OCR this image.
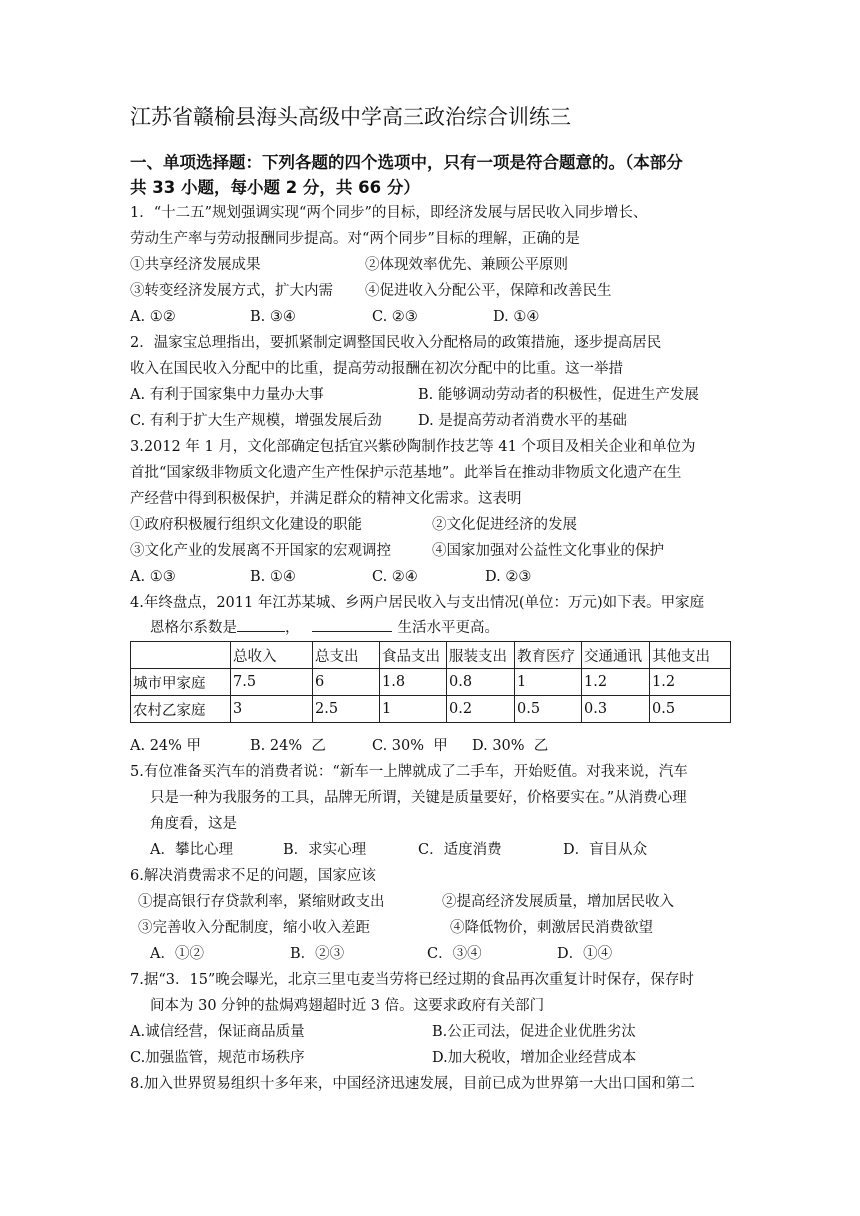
江苏省赣榆县海头高级中学高三政治综合训练三
一、单项选择题：下列各题的四个选项中，只有一项是符合题意的。（本部分
共 33 小题，每小题 2 分，共 66 分）
1．“十二五”规划强调实现“两个同步”的目标，即经济发展与居民收入同步增长、
劳动生产率与劳动报酬同步提高。对“两个同步”目标的理解，正确的是
①共享经济发展成果	②体现效率优先、兼顾公平原则
③转变经济发展方式，扩大内需 ④促进收入分配公平，保障和改善民生
A. ①②	B. ③④	C. ②③	D. ①④
2．温家宝总理指出，要抓紧制定调整国民收入分配格局的政策措施，逐步提高居民
收入在国民收入分配中的比重，提高劳动报酬在初次分配中的比重。这一举措
A. 有利于国家集中力量办大事	B. 能够调动劳动者的积极性，促进生产发展
C. 有利于扩大生产规模，增强发展后劲 D. 是提高劳动者消费水平的基础
3.2012 年 1 月，文化部确定包括宜兴紫砂陶制作技艺等 41 个项目及相关企业和单位为
首批“国家级非物质文化遗产生产性保护示范基地”。此举旨在推动非物质文化遗产在生
产经营中得到积极保护，并满足群众的精神文化需求。这表明
①政府积极履行组织文化建设的职能	②文化促进经济的发展
③文化产业的发展离不开国家的宏观调控	④国家加强对公益性文化事业的保护
A. ①③	B. ①④	C. ②④	D. ②③
4.年终盘点，2011 年江苏某城、乡两户居民收入与支出情况(单位：万元)如下表。甲家庭
恩格尔系数是	，	生活水平更高。
	总收入	总支出	食品支出	服装支出	教育医疗	交通通讯	其他支出
城市甲家庭	7.5	6	1.8	0.8	1	1.2	1.2
农村乙家庭	3	2.5	1	0.2	0.5	0.3	0.5
A. 24% 甲	B. 24%  乙	C. 30%  甲 D. 30%  乙
5.有位准备买汽车的消费者说：“新车一上牌就成了二手车，开始贬值。对我来说，汽车
只是一种为我服务的工具，品牌无所谓，关键是质量要好，价格要实在。”从消费心理
角度看，这是
A．攀比心理	B．求实心理	C．适度消费	D．盲目从众
6.解决消费需求不足的问题，国家应该
①提高银行存贷款利率，紧缩财政支出	②提高经济发展质量，增加居民收入
③完善收入分配制度，缩小收入差距	④降低物价，刺激居民消费欲望
A．①②	B．②③	C．③④	D．①④
7.据“3．15”晚会曝光，北京三里屯麦当劳将已经过期的食品再次重复计时保存，保存时
间本为 30 分钟的盐焗鸡翅超时近 3 倍。这要求政府有关部门
A.诚信经营，保证商品质量	B.公正司法，促进企业优胜劣汰
C.加强监管，规范市场秩序	D.加大税收，增加企业经营成本
8.加入世界贸易组织十多年来，中国经济迅速发展，目前已成为世界第一大出口国和第二
